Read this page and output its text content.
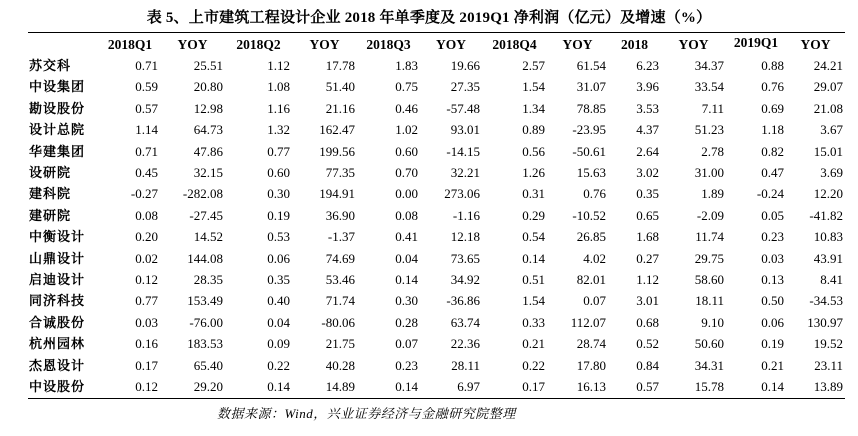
表 5、上市建筑工程设计企业 2018 年单季度及 2019Q1 净利润（亿元）及增速（%）
	2018Q1	YOY	2018Q2	YOY	2018Q3	YOY	2018Q4	YOY	2018	YOY	2019Q1	YOY
苏交科	0.71	25.51	1.12	17.78	1.83	19.66	2.57	61.54	6.23	34.37	0.88	24.21
中设集团	0.59	20.80	1.08	51.40	0.75	27.35	1.54	31.07	3.96	33.54	0.76	29.07
勘设股份	0.57	12.98	1.16	21.16	0.46	-57.48	1.34	78.85	3.53	7.11	0.69	21.08
设计总院	1.14	64.73	1.32	162.47	1.02	93.01	0.89	-23.95	4.37	51.23	1.18	3.67
华建集团	0.71	47.86	0.77	199.56	0.60	-14.15	0.56	-50.61	2.64	2.78	0.82	15.01
设研院	0.45	32.15	0.60	77.35	0.70	32.21	1.26	15.63	3.02	31.00	0.47	3.69
建科院	-0.27	-282.08	0.30	194.91	0.00	273.06	0.31	0.76	0.35	1.89	-0.24	12.20
建研院	0.08	-27.45	0.19	36.90	0.08	-1.16	0.29	-10.52	0.65	-2.09	0.05	-41.82
中衡设计	0.20	14.52	0.53	-1.37	0.41	12.18	0.54	26.85	1.68	11.74	0.23	10.83
山鼎设计	0.02	144.08	0.06	74.69	0.04	73.65	0.14	4.02	0.27	29.75	0.03	43.91
启迪设计	0.12	28.35	0.35	53.46	0.14	34.92	0.51	82.01	1.12	58.60	0.13	8.41
同济科技	0.77	153.49	0.40	71.74	0.30	-36.86	1.54	0.07	3.01	18.11	0.50	-34.53
合诚股份	0.03	-76.00	0.04	-80.06	0.28	63.74	0.33	112.07	0.68	9.10	0.06	130.97
杭州园林	0.16	183.53	0.09	21.75	0.07	22.36	0.21	28.74	0.52	50.60	0.19	19.52
杰恩设计	0.17	65.40	0.22	40.28	0.23	28.11	0.22	17.80	0.84	34.31	0.21	23.11
中设股份	0.12	29.20	0.14	14.89	0.14	6.97	0.17	16.13	0.57	15.78	0.14	13.89
数据来源：Wind，兴业证券经济与金融研究院整理
